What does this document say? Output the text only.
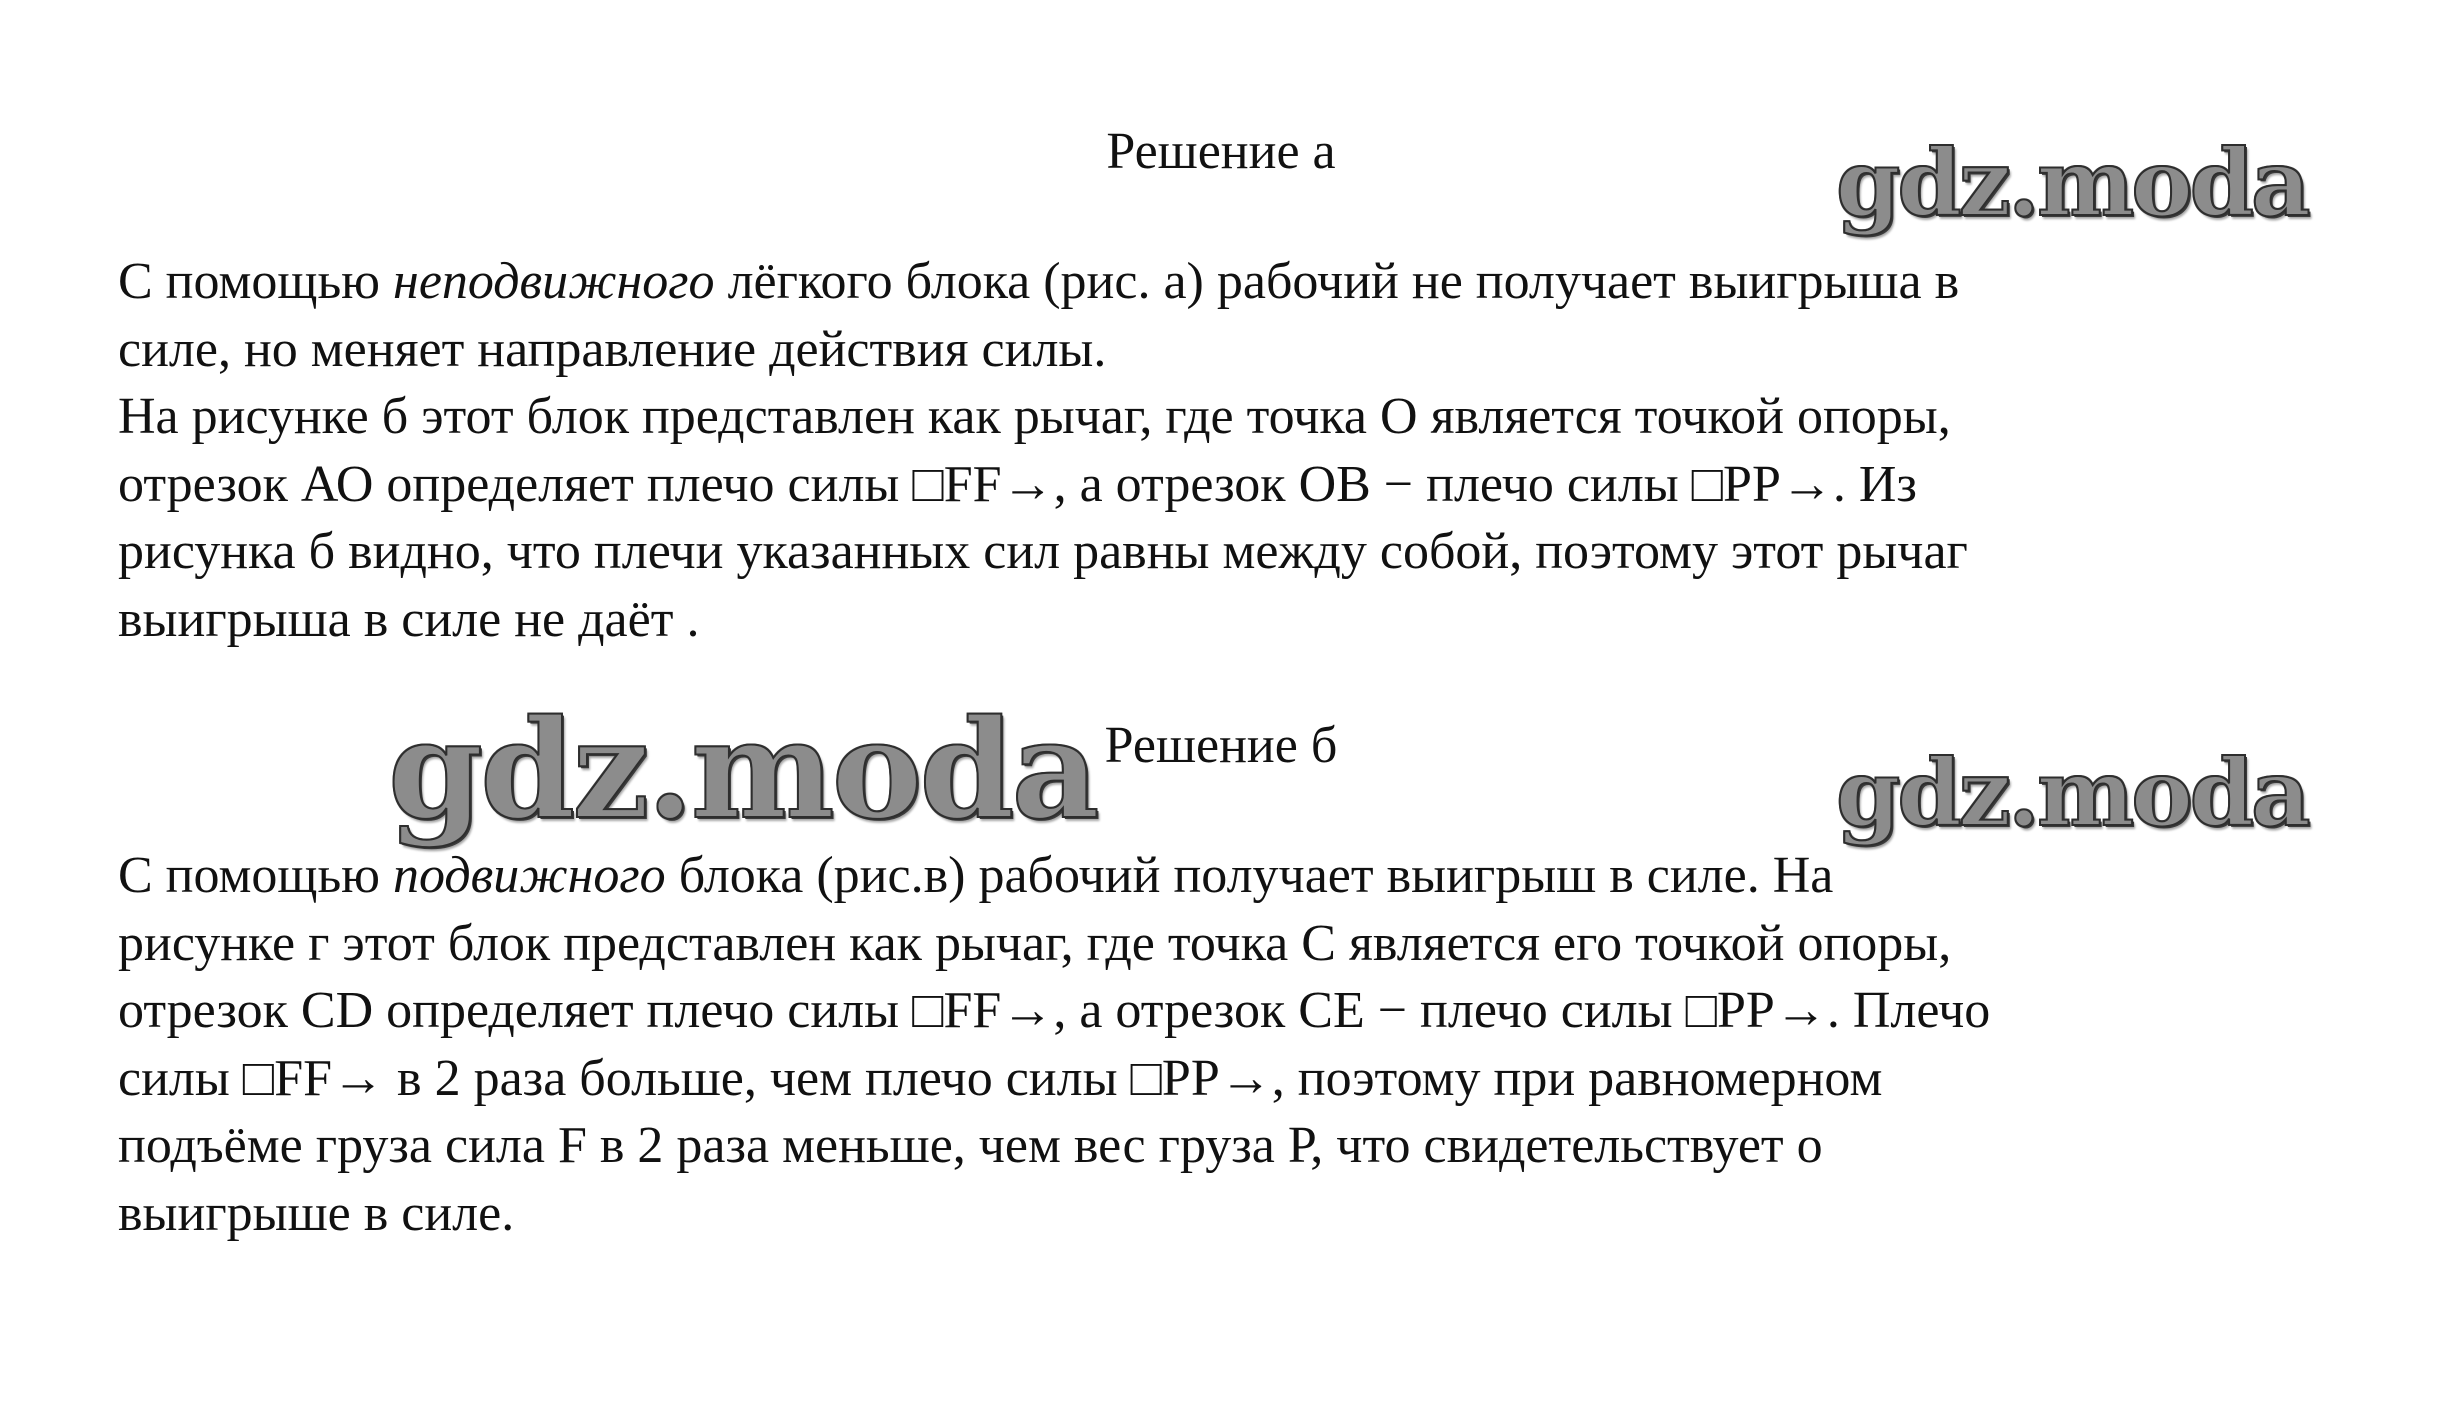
Решение а	gdz.moda

С помощью неподвижного лёгкого блока (рис. а) рабочий не получает выигрыша в
силе, но меняет направление действия силы.

На рисунке б этот блок представлен как рычаг, где точка О является точкой опоры,
отрезок АО определяет плечо силы □FF→, а отрезок ОВ − плечо силы □PP→. Из
рисунка б видно, что плечи указанных сил равны между собой, поэтому этот рычаг
выигрыша в силе не даёт .

gdz.moda Решение б	gdz.moda

С помощью подвижного блока (рис.в) рабочий получает выигрыш в силе. На
рисунке г этот блок представлен как рычаг, где точка С является его точкой опоры,
отрезок CD определяет плечо силы □FF→, а отрезок СЕ − плечо силы □PP→. Плечо
силы □FF→ в 2 раза больше, чем плечо силы □PP→, поэтому при равномерном
подъёме груза сила F в 2 раза меньше, чем вес груза Р, что свидетельствует о
выигрыше в силе.
